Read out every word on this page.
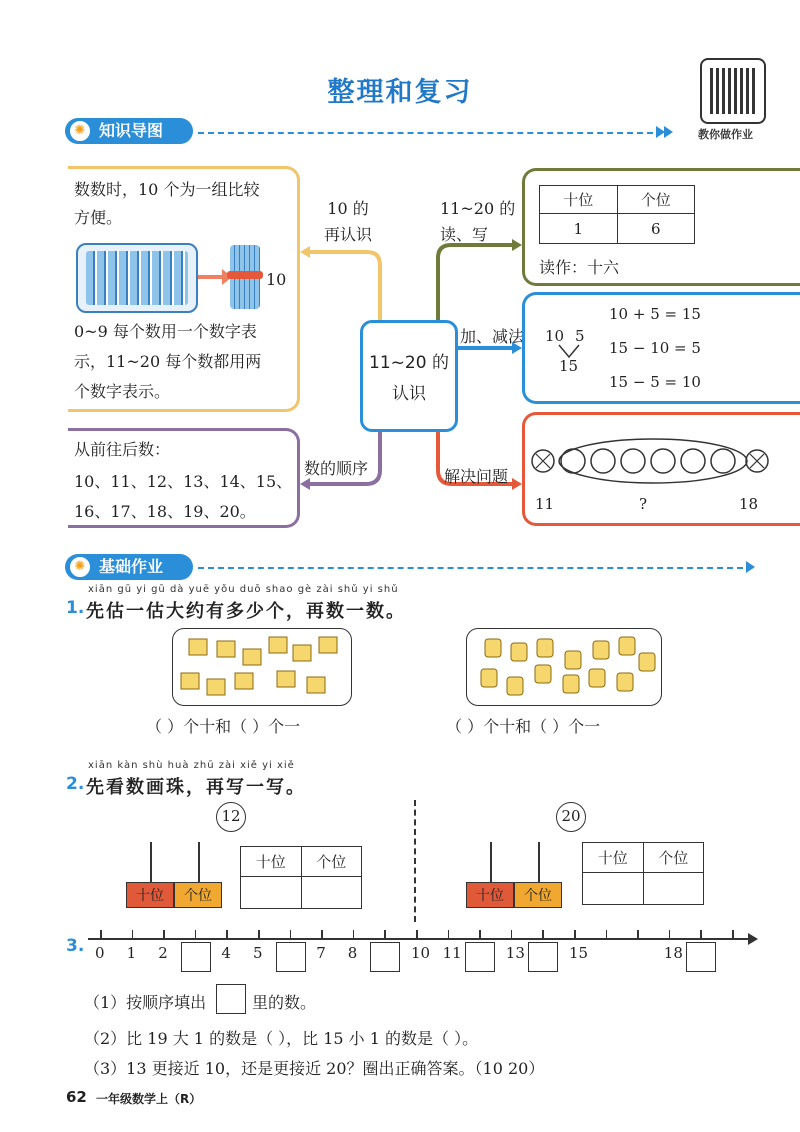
整理和复习
教你做作业
✺ 知识导图
数数时，10 个为一组比较
方便。
10
0~9 每个数用一个数字表
示，11~20 每个数都用两
个数字表示。
10 的
再认识
从前往后数：
10、11、12、13、14、15、
16、17、18、19、20。
数的顺序
11~20 的
认识
11~20 的
读、写
十位	个位
1	6
读作：十六
加、减法 10 5
15
10 + 5 = 15
15 − 10 = 5
15 − 5 = 10
解决问题
11	?	18
✺ 基础作业
xiān gū yi gū dà yuē yǒu duō shao gè zài shǔ yi shǔ
1. 先估一估大约有多少个，再数一数。
（ ）个十和（ ）个一	（ ）个十和（ ）个一
xiān kàn shù huà zhū zài xiě yi xiě
2. 先看数画珠，再写一写。
12
十位	个位
十位	个位

20
十位	个位
十位	个位

3. 0 1 2	4 5	7 8	10 11	13	15	18
（1）按顺序填出	里的数。
（2）比 19 大 1 的数是（ ），比 15 小 1 的数是（ ）。
（3）13 更接近 10，还是更接近 20？圈出正确答案。（10 20）
62 一年级数学上（R）
